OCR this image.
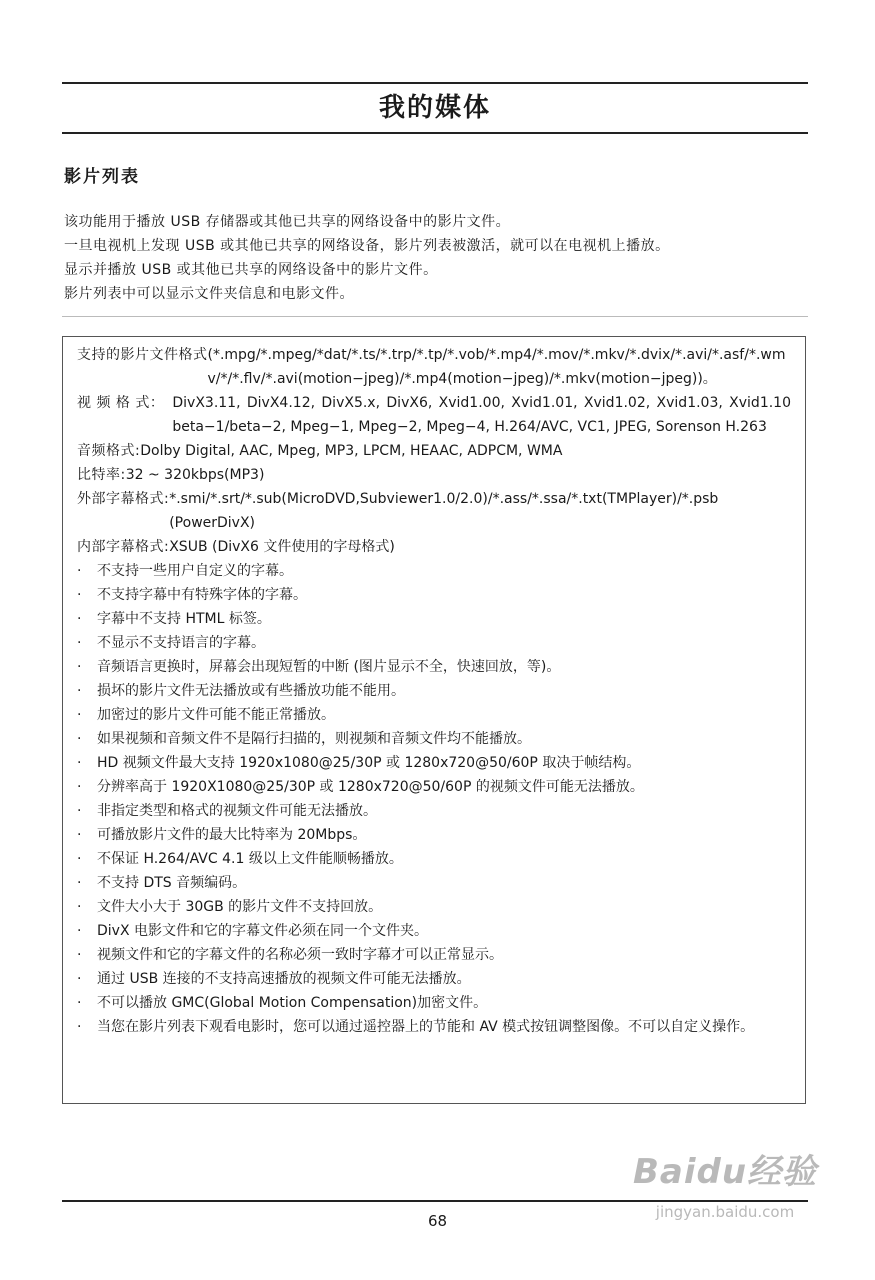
我的媒体
影片列表

该功能用于播放 USB 存储器或其他已共享的网络设备中的影片文件。

一旦电视机上发现 USB 或其他已共享的网络设备，影片列表被激活，就可以在电视机上播放。

显示并播放 USB 或其他已共享的网络设备中的影片文件。

影片列表中可以显示文件夹信息和电影文件。

支持的影片文件格式 (*.mpg/*.mpeg/*dat/*.ts/*.trp/*.tp/*.vob/*.mp4/*.mov/*.mkv/*.dvix/*.avi/*.asf/*.wmv/*/*.flv/*.avi(motion−jpeg)/*.mp4(motion−jpeg)/*.mkv(motion−jpeg))。
视 频 格 式： DivX3.11, DivX4.12, DivX5.x, DivX6, Xvid1.00, Xvid1.01, Xvid1.02, Xvid1.03, Xvid1.10 beta−1/beta−2, Mpeg−1, Mpeg−2, Mpeg−4, H.264/AVC, VC1, JPEG, Sorenson H.263
音频格式: Dolby Digital, AAC, Mpeg, MP3, LPCM, HEAAC, ADPCM, WMA
比特率: 32 ~ 320kbps(MP3)
外部字幕格式: *.smi/*.srt/*.sub(MicroDVD,Subviewer1.0/2.0)/*.ass/*.ssa/*.txt(TMPlayer)/*.psb (PowerDivX)
内部字幕格式: XSUB (DivX6 文件使用的字母格式)
·	不支持一些用户自定义的字幕。
·	不支持字幕中有特殊字体的字幕。
·	字幕中不支持 HTML 标签。
·	不显示不支持语言的字幕。
·	音频语言更换时，屏幕会出现短暂的中断 (图片显示不全，快速回放，等)。
·	损坏的影片文件无法播放或有些播放功能不能用。
·	加密过的影片文件可能不能正常播放。
·	如果视频和音频文件不是隔行扫描的，则视频和音频文件均不能播放。
·	HD 视频文件最大支持 1920x1080@25/30P 或 1280x720@50/60P 取决于帧结构。
·	分辨率高于 1920X1080@25/30P 或 1280x720@50/60P 的视频文件可能无法播放。
·	非指定类型和格式的视频文件可能无法播放。
·	可播放影片文件的最大比特率为 20Mbps。
·	不保证 H.264/AVC 4.1 级以上文件能顺畅播放。
·	不支持 DTS 音频编码。
·	文件大小大于 30GB 的影片文件不支持回放。
·	DivX 电影文件和它的字幕文件必须在同一个文件夹。
·	视频文件和它的字幕文件的名称必须一致时字幕才可以正常显示。
·	通过 USB 连接的不支持高速播放的视频文件可能无法播放。
·	不可以播放 GMC(Global Motion Compensation)加密文件。
·	当您在影片列表下观看电影时，您可以通过遥控器上的节能和 AV 模式按钮调整图像。不可以自定义操作。
Baidu经验
jingyan.baidu.com

68
